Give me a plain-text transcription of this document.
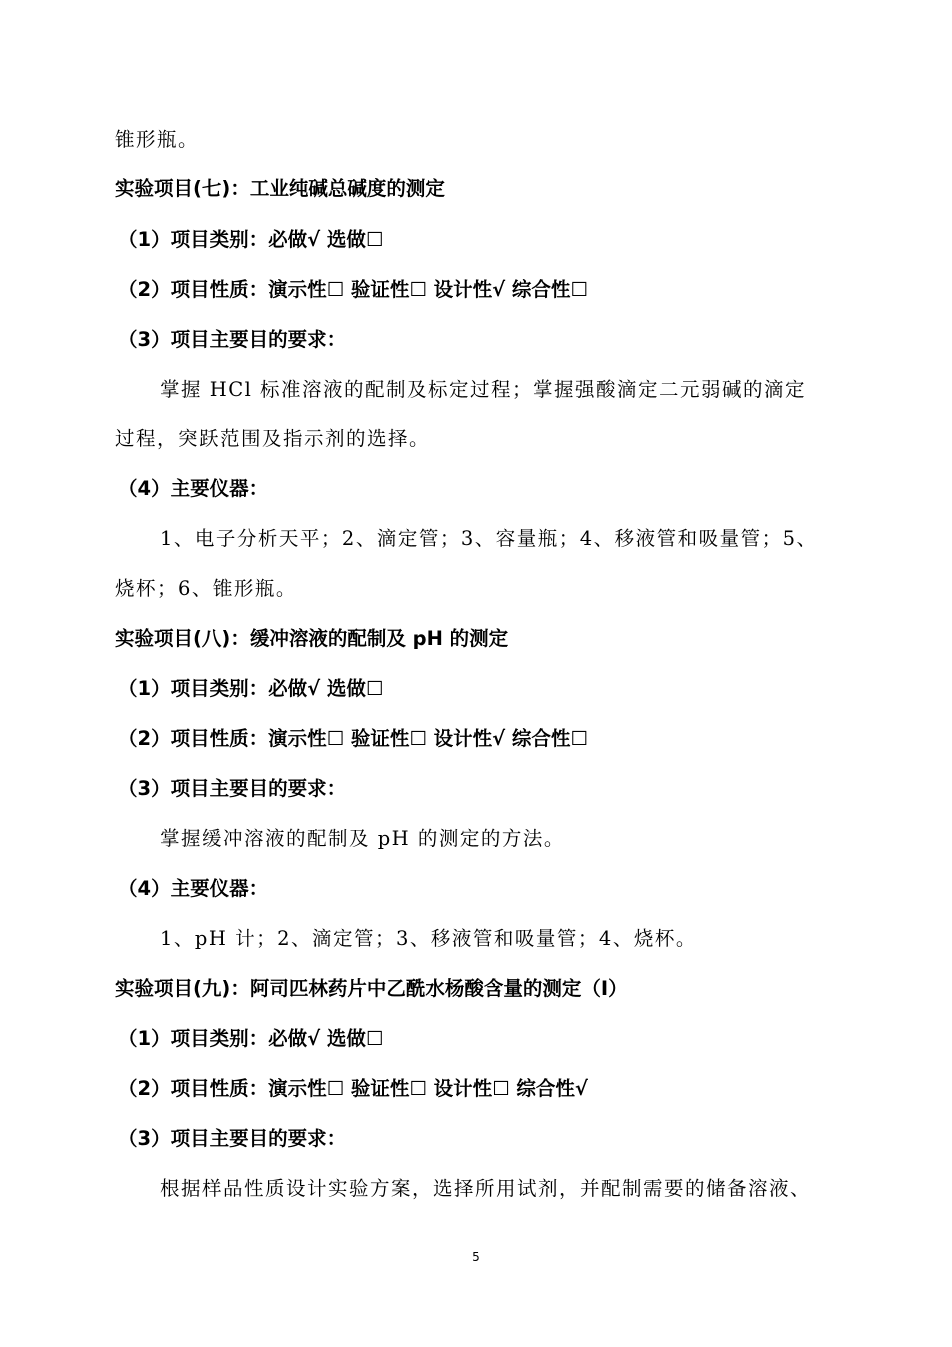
锥形瓶。
实验项目(七)：工业纯碱总碱度的测定
（1）项目类别：必做√ 选做☐
（2）项目性质：演示性☐ 验证性☐ 设计性√ 综合性☐
（3）项目主要目的要求：
掌握 HCl 标准溶液的配制及标定过程；掌握强酸滴定二元弱碱的滴定
过程，突跃范围及指示剂的选择。
（4）主要仪器：
1、电子分析天平；2、滴定管；3、容量瓶；4、移液管和吸量管；5、
烧杯；6、锥形瓶。
实验项目(八)：缓冲溶液的配制及 pH 的测定
（1）项目类别：必做√ 选做☐
（2）项目性质：演示性☐ 验证性☐ 设计性√ 综合性☐
（3）项目主要目的要求：
掌握缓冲溶液的配制及 pH 的测定的方法。
（4）主要仪器：
1、pH 计；2、滴定管；3、移液管和吸量管；4、烧杯。
实验项目(九)：阿司匹林药片中乙酰水杨酸含量的测定（I）
（1）项目类别：必做√ 选做☐
（2）项目性质：演示性☐ 验证性☐ 设计性☐ 综合性√
（3）项目主要目的要求：
根据样品性质设计实验方案，选择所用试剂，并配制需要的储备溶液、
5
